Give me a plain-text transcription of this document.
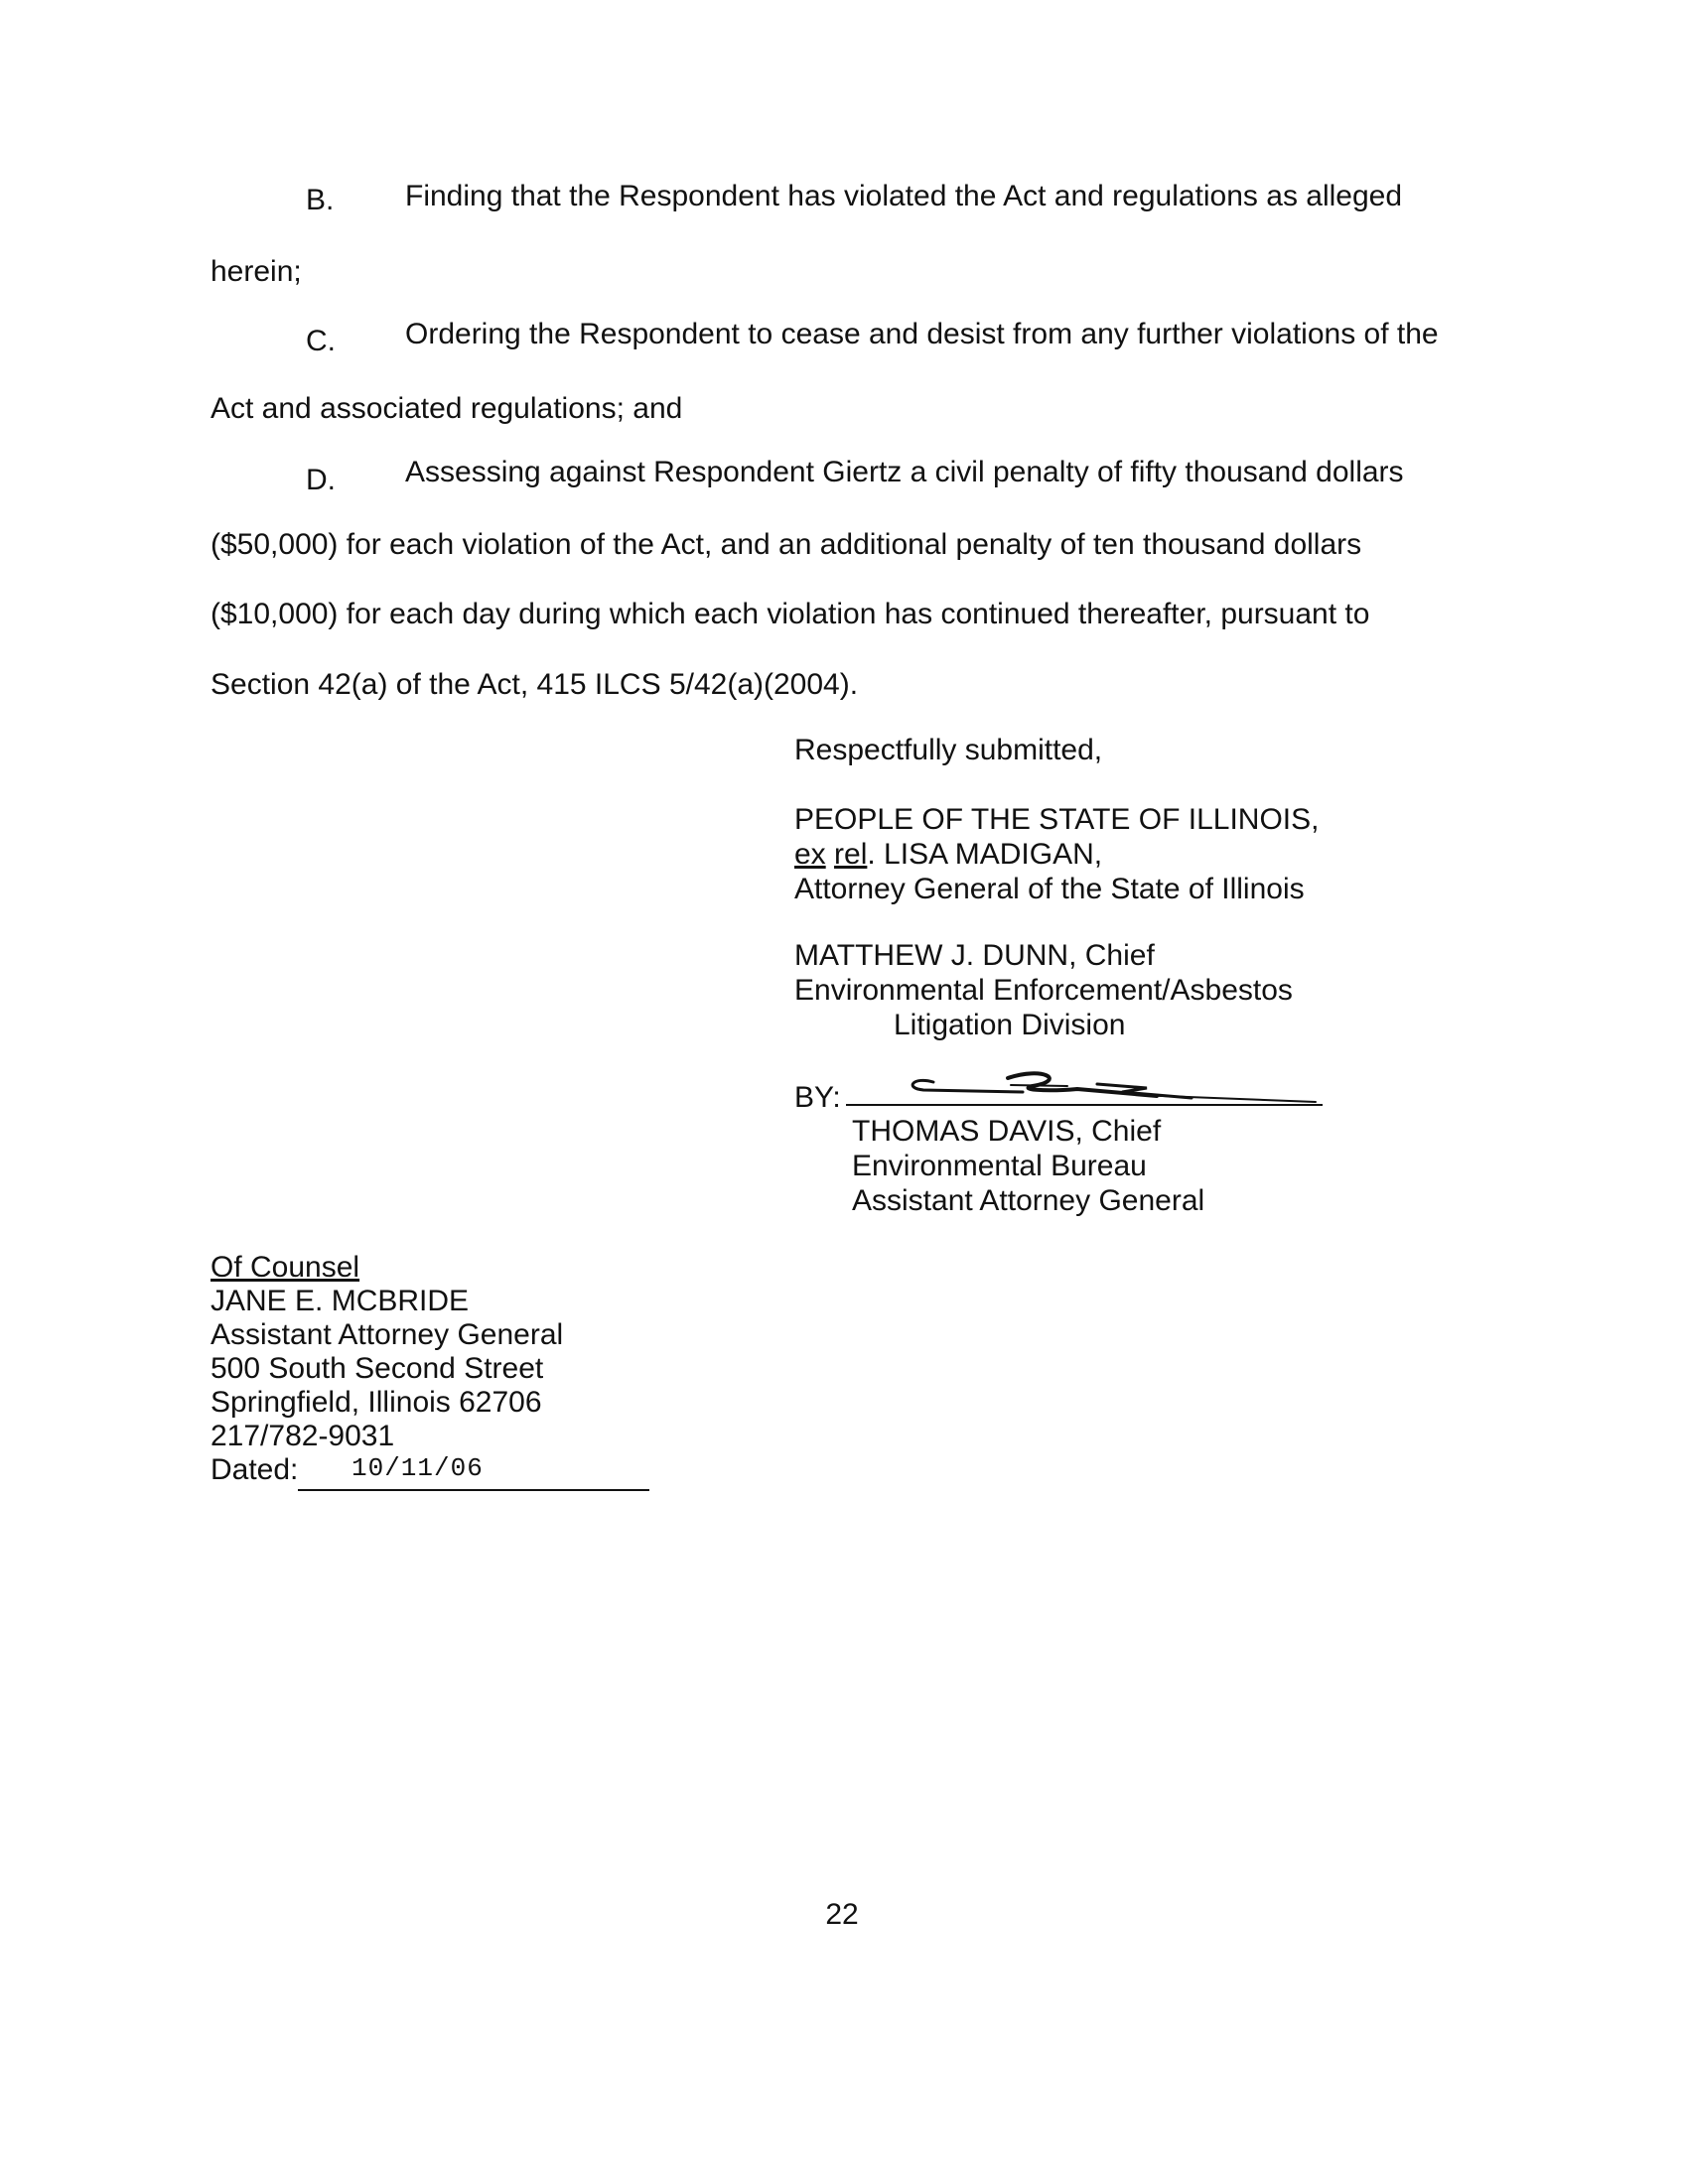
B. Finding that the Respondent has violated the Act and regulations as alleged
herein;
C. Ordering the Respondent to cease and desist from any further violations of the
Act and associated regulations; and
D. Assessing against Respondent Giertz a civil penalty of fifty thousand dollars
($50,000) for each violation of the Act, and an additional penalty of ten thousand dollars
($10,000) for each day during which each violation has continued thereafter, pursuant to
Section 42(a) of the Act, 415 ILCS 5/42(a)(2004).
Respectfully submitted,
PEOPLE OF THE STATE OF ILLINOIS,
ex rel. LISA MADIGAN,
Attorney General of the State of Illinois
MATTHEW J. DUNN, Chief
Environmental Enforcement/Asbestos
Litigation Division
BY:
THOMAS DAVIS, Chief
Environmental Bureau
Assistant Attorney General
Of Counsel
JANE E. MCBRIDE
Assistant Attorney General
500 South Second Street
Springfield, Illinois 62706
217/782-9031
Dated:	10/11/06
22
